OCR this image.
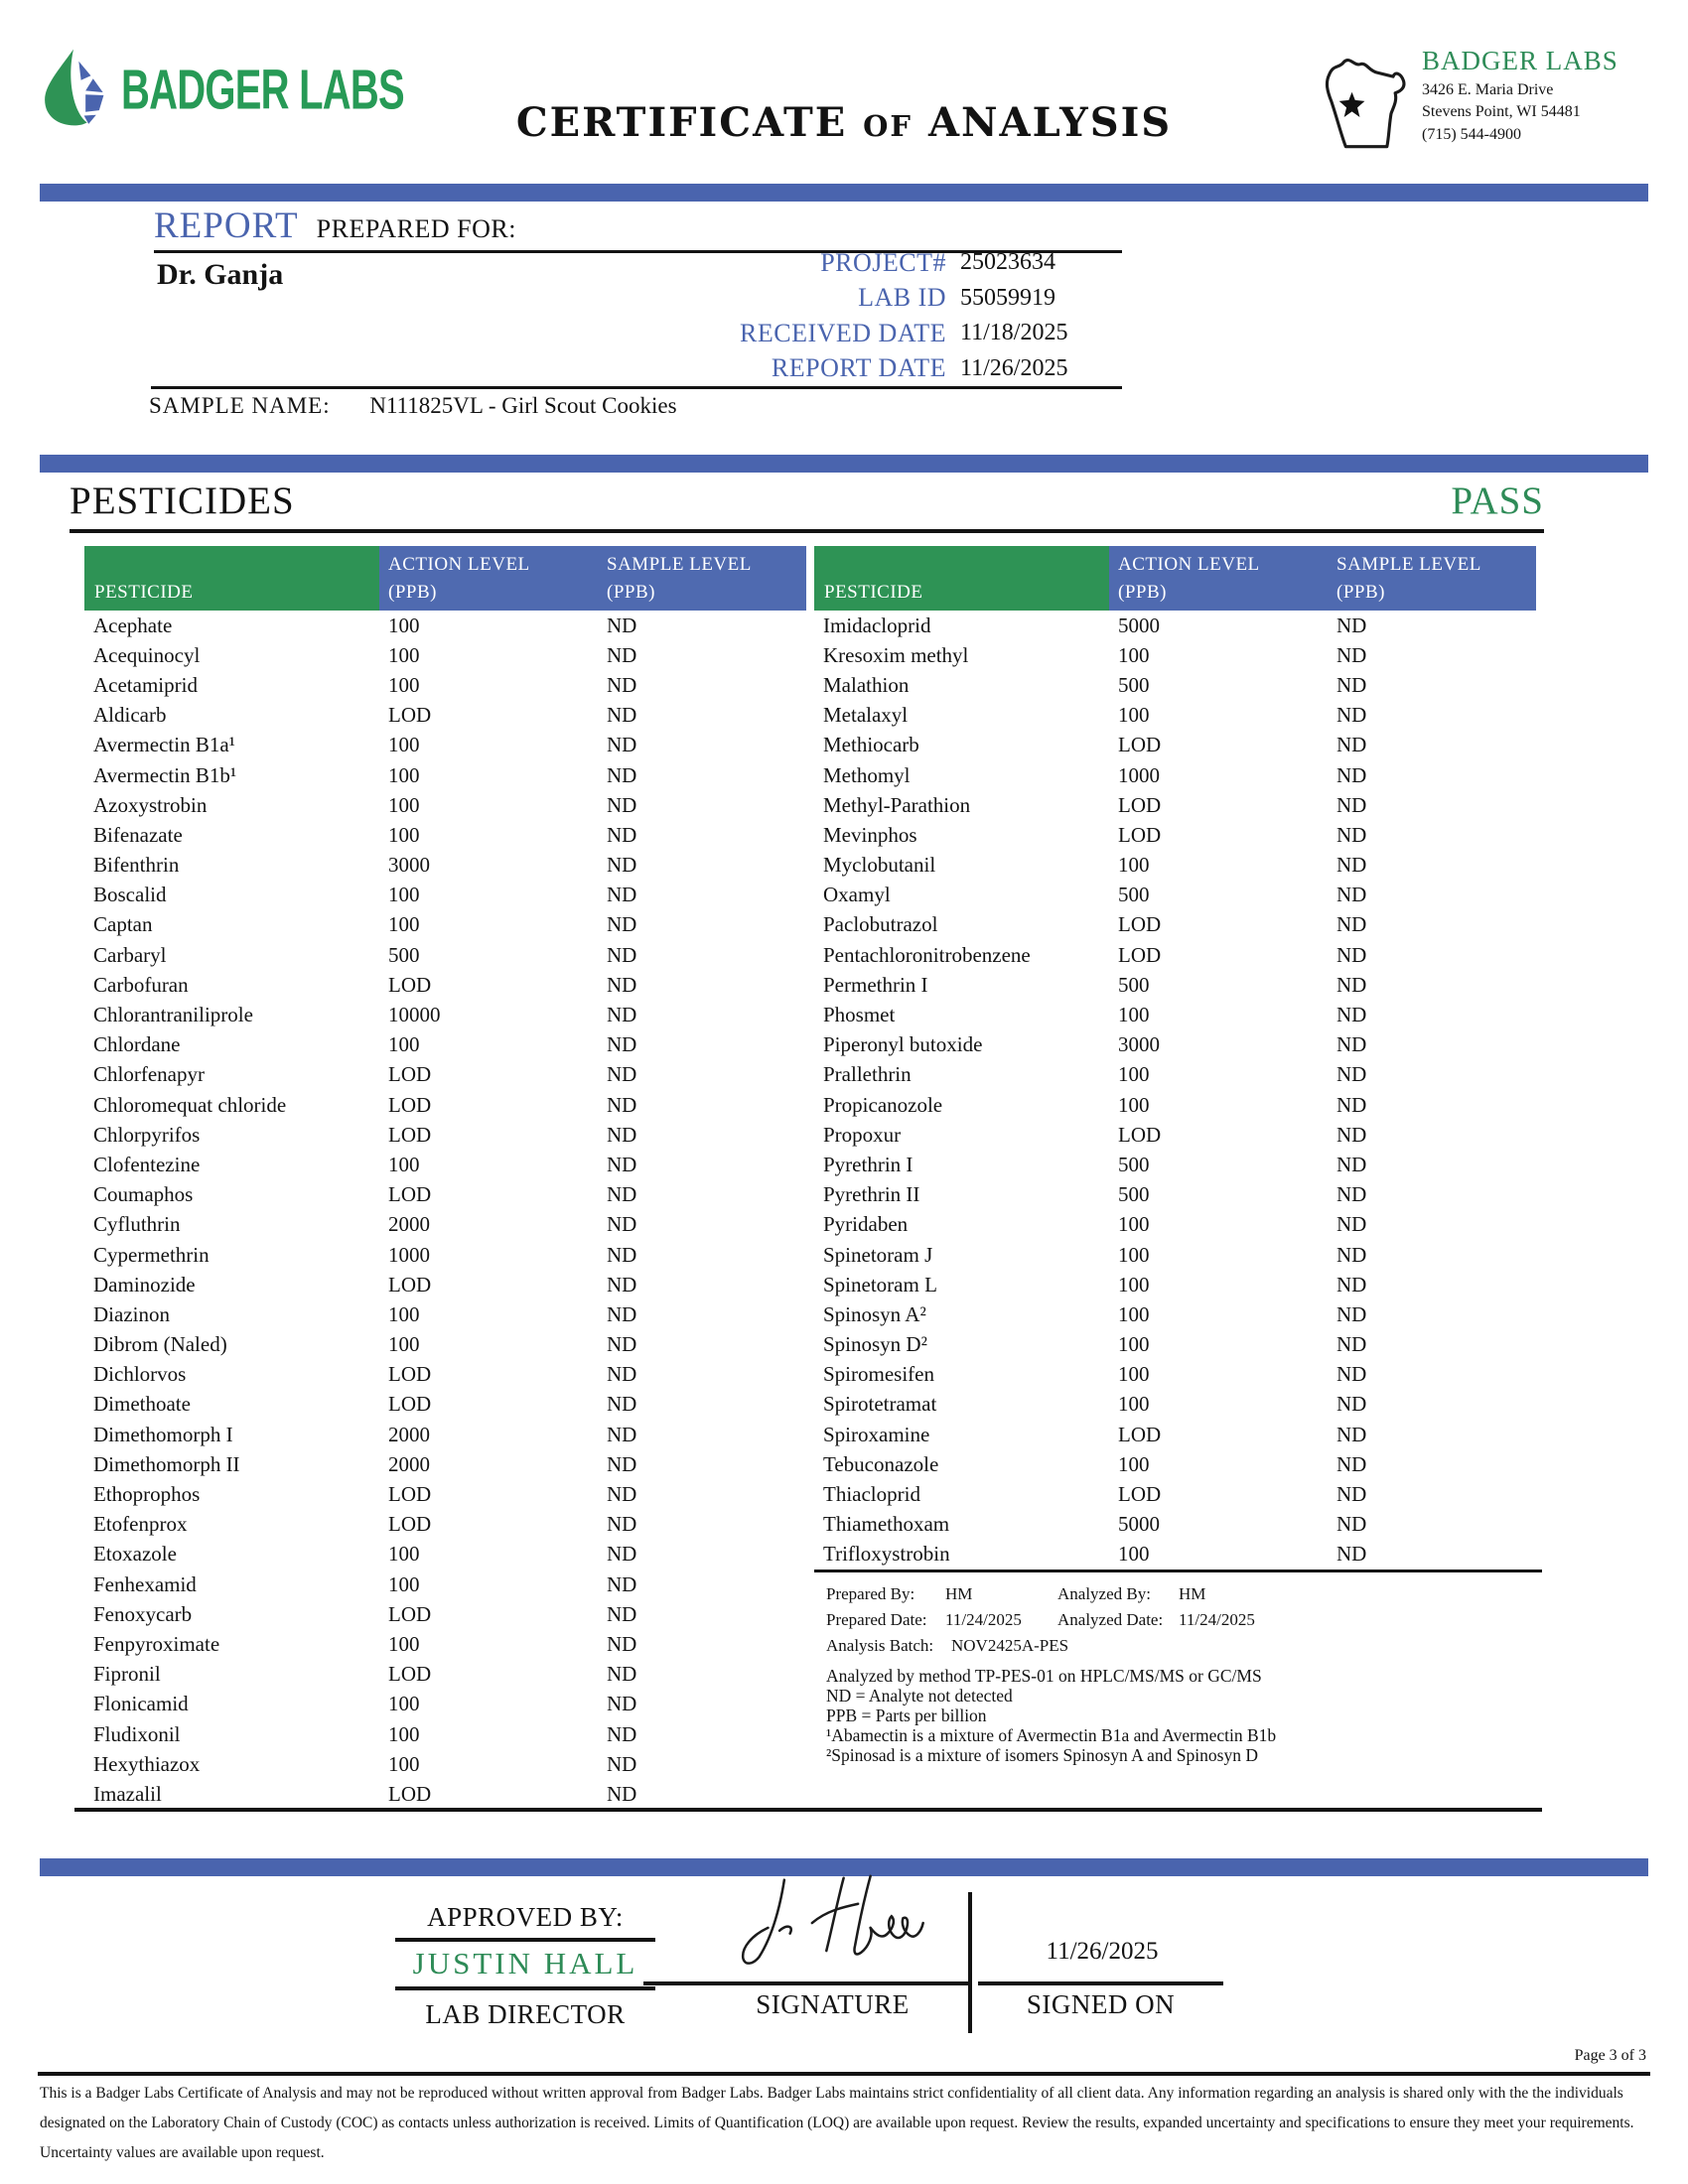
BADGER LABS
CERTIFICATE OF ANALYSIS
BADGER LABS
3426 E. Maria Drive
Stevens Point, WI 54481
(715) 544-4900
REPORT PREPARED FOR:
Dr. Ganja	PROJECT# 25023634
LAB ID 55059919
RECEIVED DATE 11/18/2025
REPORT DATE 11/26/2025
SAMPLE NAME: N111825VL - Girl Scout Cookies
PESTICIDES	PASS
PESTICIDE
ACTION LEVEL
(PPB)
SAMPLE LEVEL
(PPB)
Acephate	100	ND
Acequinocyl	100	ND
Acetamiprid	100	ND
Aldicarb	LOD	ND
Avermectin B1a¹	100	ND
Avermectin B1b¹	100	ND
Azoxystrobin	100	ND
Bifenazate	100	ND
Bifenthrin	3000	ND
Boscalid	100	ND
Captan	100	ND
Carbaryl	500	ND
Carbofuran	LOD	ND
Chlorantraniliprole	10000	ND
Chlordane	100	ND
Chlorfenapyr	LOD	ND
Chloromequat chloride	LOD	ND
Chlorpyrifos	LOD	ND
Clofentezine	100	ND
Coumaphos	LOD	ND
Cyfluthrin	2000	ND
Cypermethrin	1000	ND
Daminozide	LOD	ND
Diazinon	100	ND
Dibrom (Naled)	100	ND
Dichlorvos	LOD	ND
Dimethoate	LOD	ND
Dimethomorph I	2000	ND
Dimethomorph II	2000	ND
Ethoprophos	LOD	ND
Etofenprox	LOD	ND
Etoxazole	100	ND
Fenhexamid	100	ND
Fenoxycarb	LOD	ND
Fenpyroximate	100	ND
Fipronil	LOD	ND
Flonicamid	100	ND
Fludixonil	100	ND
Hexythiazox	100	ND
Imazalil	LOD	ND
PESTICIDE
ACTION LEVEL
(PPB)
SAMPLE LEVEL
(PPB)
Imidacloprid	5000	ND
Kresoxim methyl	100	ND
Malathion	500	ND
Metalaxyl	100	ND
Methiocarb	LOD	ND
Methomyl	1000	ND
Methyl-Parathion	LOD	ND
Mevinphos	LOD	ND
Myclobutanil	100	ND
Oxamyl	500	ND
Paclobutrazol	LOD	ND
Pentachloronitrobenzene	LOD	ND
Permethrin I	500	ND
Phosmet	100	ND
Piperonyl butoxide	3000	ND
Prallethrin	100	ND
Propicanozole	100	ND
Propoxur	LOD	ND
Pyrethrin I	500	ND
Pyrethrin II	500	ND
Pyridaben	100	ND
Spinetoram J	100	ND
Spinetoram L	100	ND
Spinosyn A²	100	ND
Spinosyn D²	100	ND
Spiromesifen	100	ND
Spirotetramat	100	ND
Spiroxamine	LOD	ND
Tebuconazole	100	ND
Thiacloprid	LOD	ND
Thiamethoxam	5000	ND
Trifloxystrobin	100	ND
Prepared By:	HM	Analyzed By:	HM
Prepared Date:	11/24/2025	Analyzed Date: 11/24/2025
Analysis Batch:	NOV2425A-PES
Analyzed by method TP-PES-01 on HPLC/MS/MS or GC/MS
ND = Analyte not detected
PPB = Parts per billion
¹Abamectin is a mixture of Avermectin B1a and Avermectin B1b
²Spinosad is a mixture of isomers Spinosyn A and Spinosyn D
APPROVED BY:
JUSTIN HALL
LAB DIRECTOR	SIGNATURE
11/26/2025
SIGNED ON
Page 3 of 3
This is a Badger Labs Certificate of Analysis and may not be reproduced without written approval from Badger Labs. Badger Labs maintains strict confidentiality of all client data. Any information regarding an analysis is shared only with the the individuals designated on the Laboratory Chain of Custody (COC) as contacts unless authorization is received. Limits of Quantification (LOQ) are available upon request. Review the results, expanded uncertainty and specifications to ensure they meet your requirements. Uncertainty values are available upon request.
